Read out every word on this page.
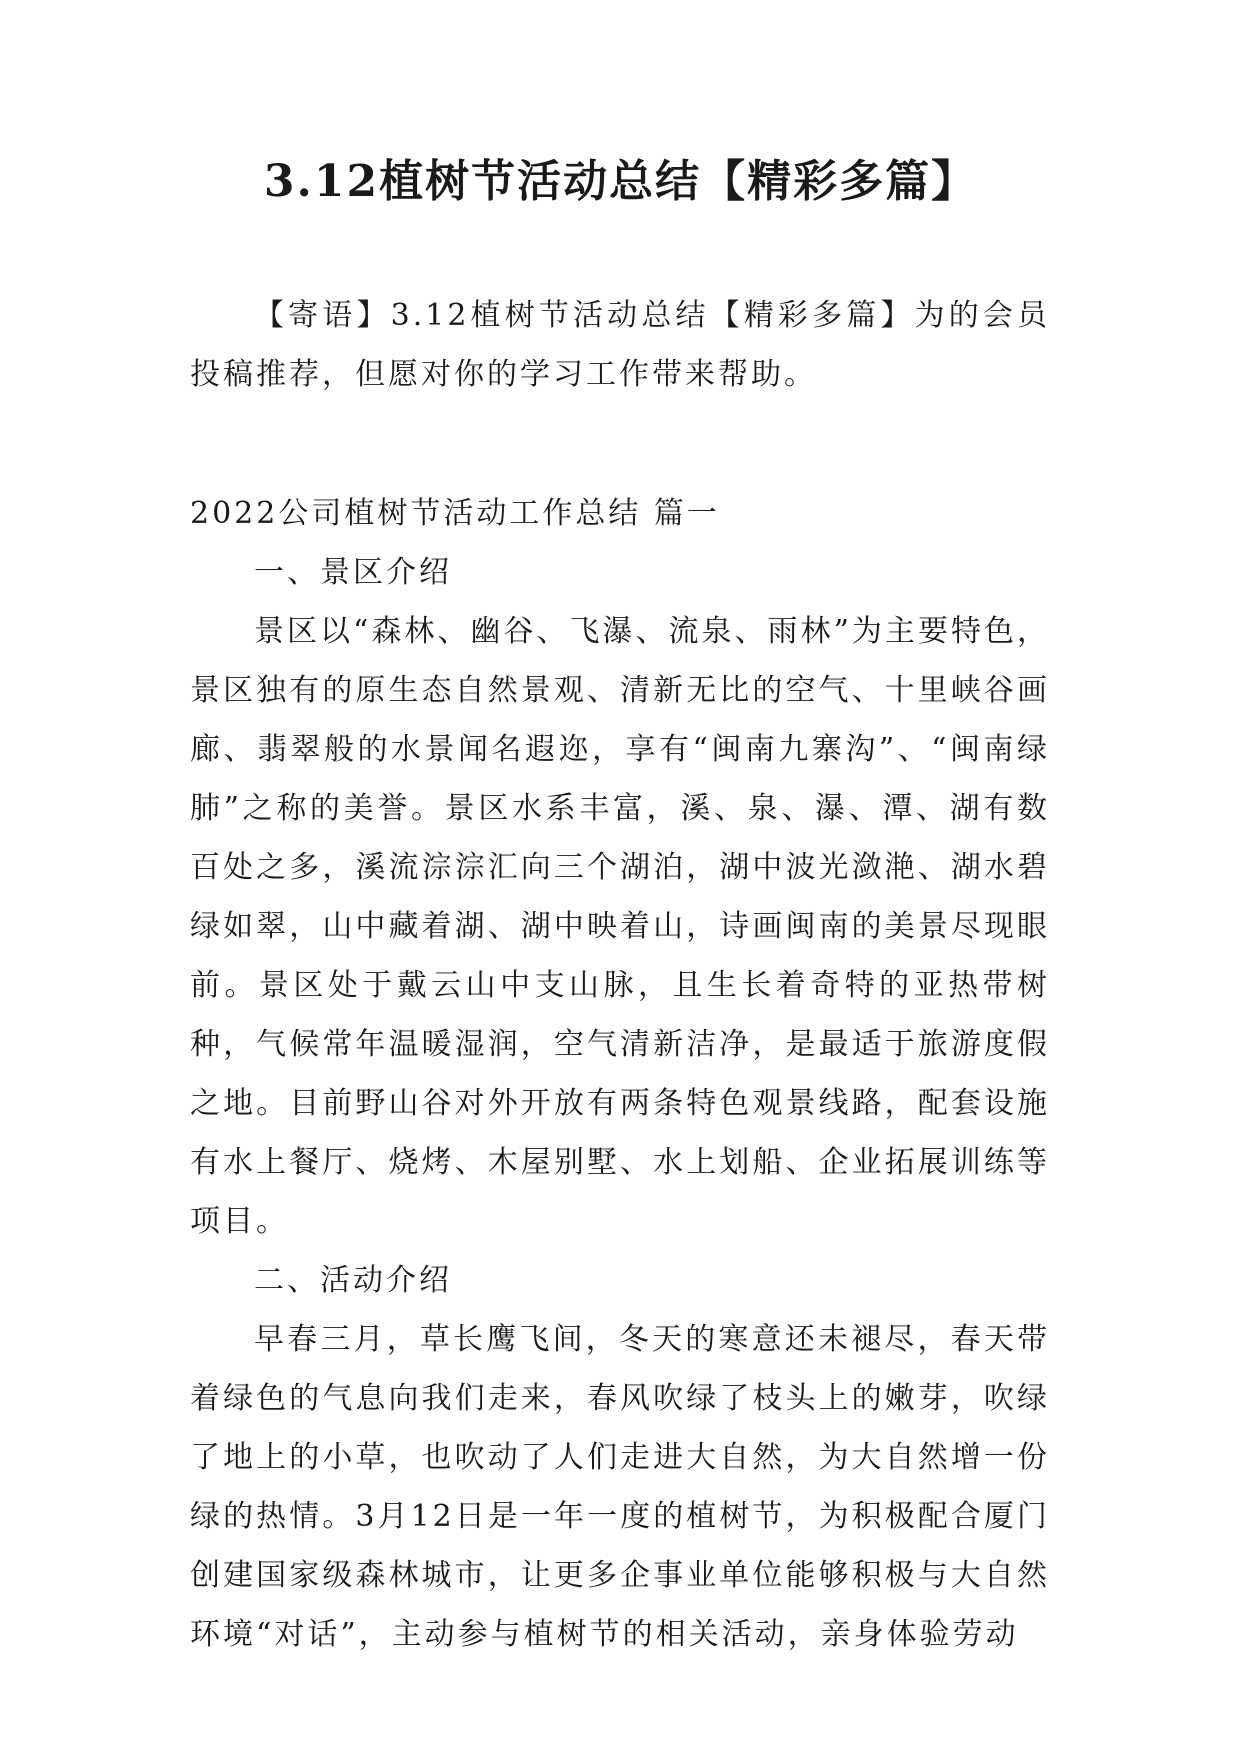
3.12植树节活动总结【精彩多篇】

【寄语】3.12植树节活动总结【精彩多篇】为的会员投稿推荐，但愿对你的学习工作带来帮助。

2022公司植树节活动工作总结 篇一

一、景区介绍

景区以“森林、幽谷、飞瀑、流泉、雨林”为主要特色，景区独有的原生态自然景观、清新无比的空气、十里峡谷画廊、翡翠般的水景闻名遐迩，享有“闽南九寨沟”、“闽南绿肺”之称的美誉。景区水系丰富，溪、泉、瀑、潭、湖有数百处之多，溪流淙淙汇向三个湖泊，湖中波光潋滟、湖水碧绿如翠，山中藏着湖、湖中映着山，诗画闽南的美景尽现眼前。景区处于戴云山中支山脉，且生长着奇特的亚热带树种，气候常年温暖湿润，空气清新洁净，是最适于旅游度假之地。目前野山谷对外开放有两条特色观景线路，配套设施有水上餐厅、烧烤、木屋别墅、水上划船、企业拓展训练等项目。

二、活动介绍

早春三月，草长鹰飞间，冬天的寒意还未褪尽，春天带着绿色的气息向我们走来，春风吹绿了枝头上的嫩芽，吹绿了地上的小草，也吹动了人们走进大自然，为大自然增一份绿的热情。3月12日是一年一度的植树节，为积极配合厦门创建国家级森林城市，让更多企事业单位能够积极与大自然环境“对话”，主动参与植树节的相关活动，亲身体验劳动
